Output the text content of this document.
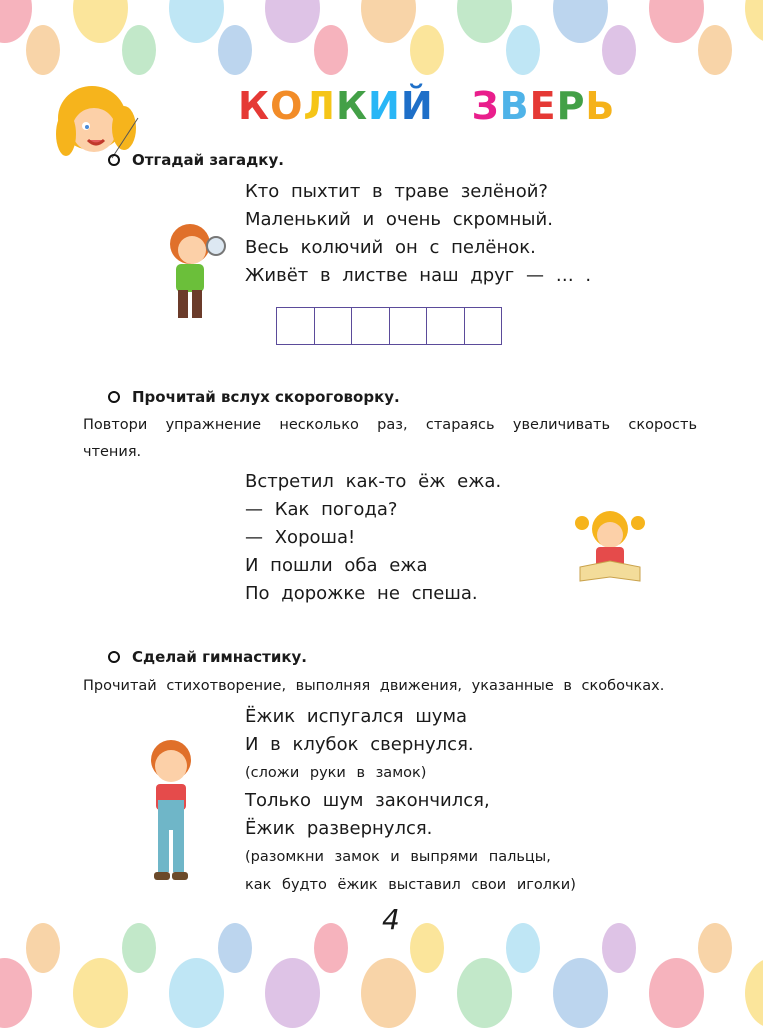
КОЛКИЙ ЗВЕРЬ
Отгадай загадку.
Кто пыхтит в траве зелёной?
Маленький и очень скромный.
Весь колючий он с пелёнок.
Живёт в листве наш друг — … .
Прочитай вслух скороговорку.
Повтори упражнение несколько раз, стараясь увеличивать скорость чтения.
Встретил как-то ёж ежа.
— Как погода?
— Хороша!
И пошли оба ежа
По дорожке не спеша.
Сделай гимнастику.
Прочитай стихотворение, выполняя движения, указанные в скобочках.
Ёжик испугался шума
И в клубок свернулся.
(сложи руки в замок)
Только шум закончился,
Ёжик развернулся.
(разомкни замок и выпрями пальцы,
как будто ёжик выставил свои иголки)
4
